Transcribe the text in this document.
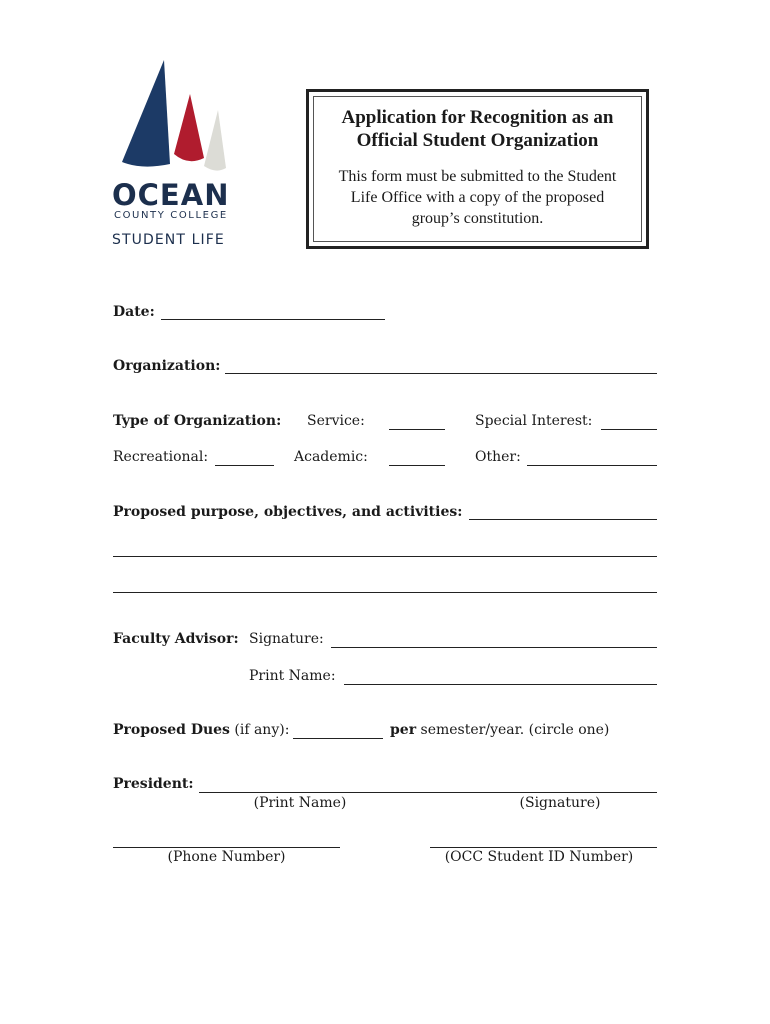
OCEAN
COUNTY COLLEGE
STUDENT LIFE
Application for Recognition as an Official Student Organization
This form must be submitted to the Student Life Office with a copy of the proposed group’s constitution.
Date:
Organization:
Type of Organization: Service:	Special Interest:
Recreational:	Academic:	Other:
Proposed purpose, objectives, and activities:
Faculty Advisor: Signature:
Print Name:
Proposed Dues (if any):	per semester/year. (circle one)
President:
(Print Name)	(Signature)
(Phone Number)	(OCC Student ID Number)
